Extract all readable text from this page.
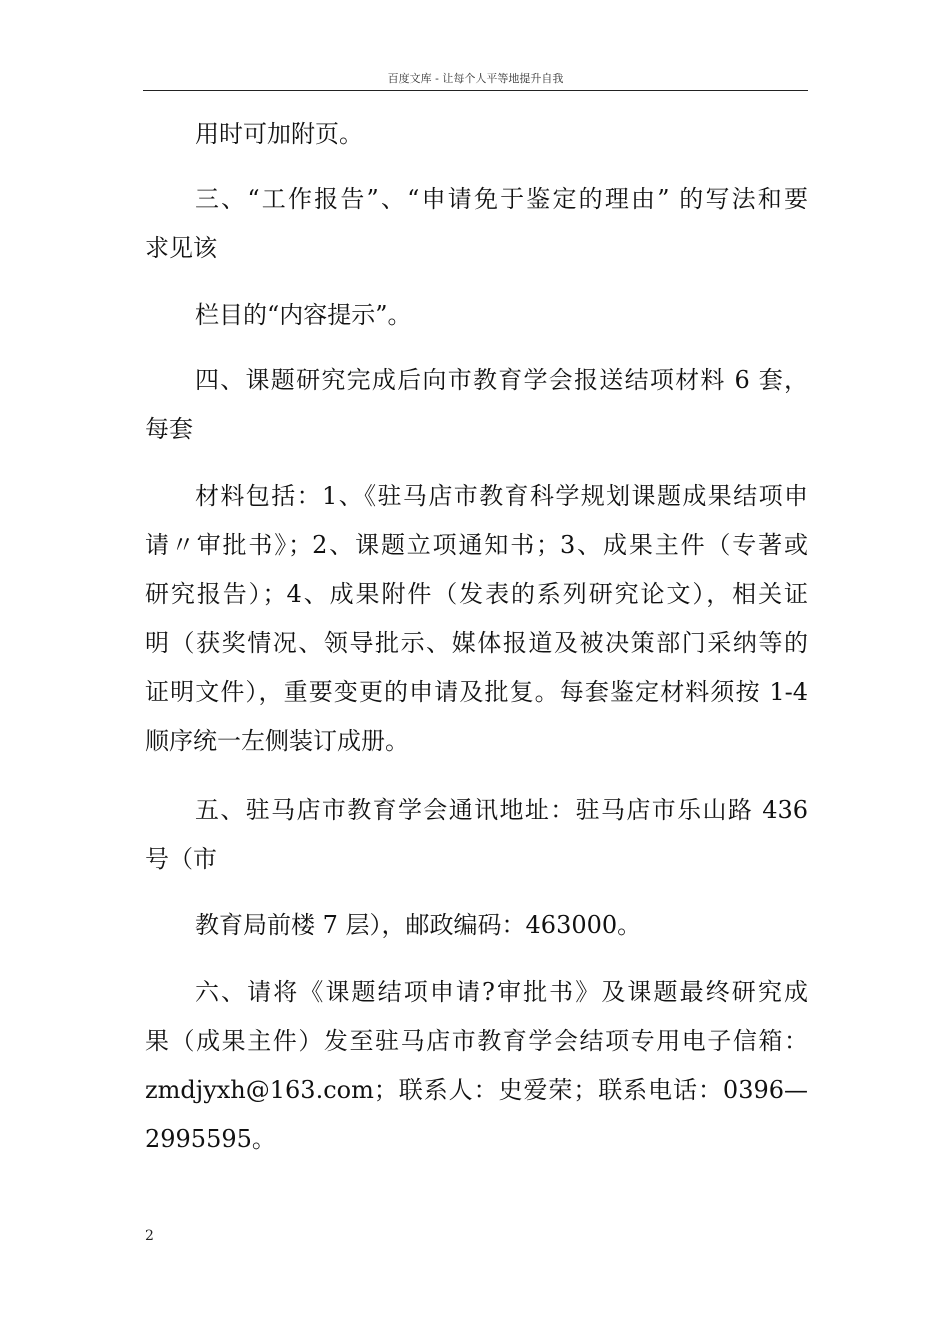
百度文库 - 让每个人平等地提升自我
用时可加附页。
三、“工作报告”、“申请免于鉴定的理由” 的写法和要
求见该
栏目的“内容提示”。
四、课题研究完成后向市教育学会报送结项材料 6 套，
每套
材料包括：1、《驻马店市教育科学规划课题成果结项申
请〃审批书》；2、课题立项通知书；3、成果主件（专著或
研究报告）；4、成果附件（发表的系列研究论文），相关证
明（获奖情况、领导批示、媒体报道及被决策部门采纳等的
证明文件），重要变更的申请及批复。每套鉴定材料须按 1-4
顺序统一左侧装订成册。
五、驻马店市教育学会通讯地址：驻马店市乐山路 436
号（市
教育局前楼 7 层），邮政编码：463000。
六、请将《课题结项申请?审批书》及课题最终研究成
果（成果主件）发至驻马店市教育学会结项专用电子信箱：
zmdjyxh@163.com；联系人：史爱荣；联系电话：0396—
2995595。
2
